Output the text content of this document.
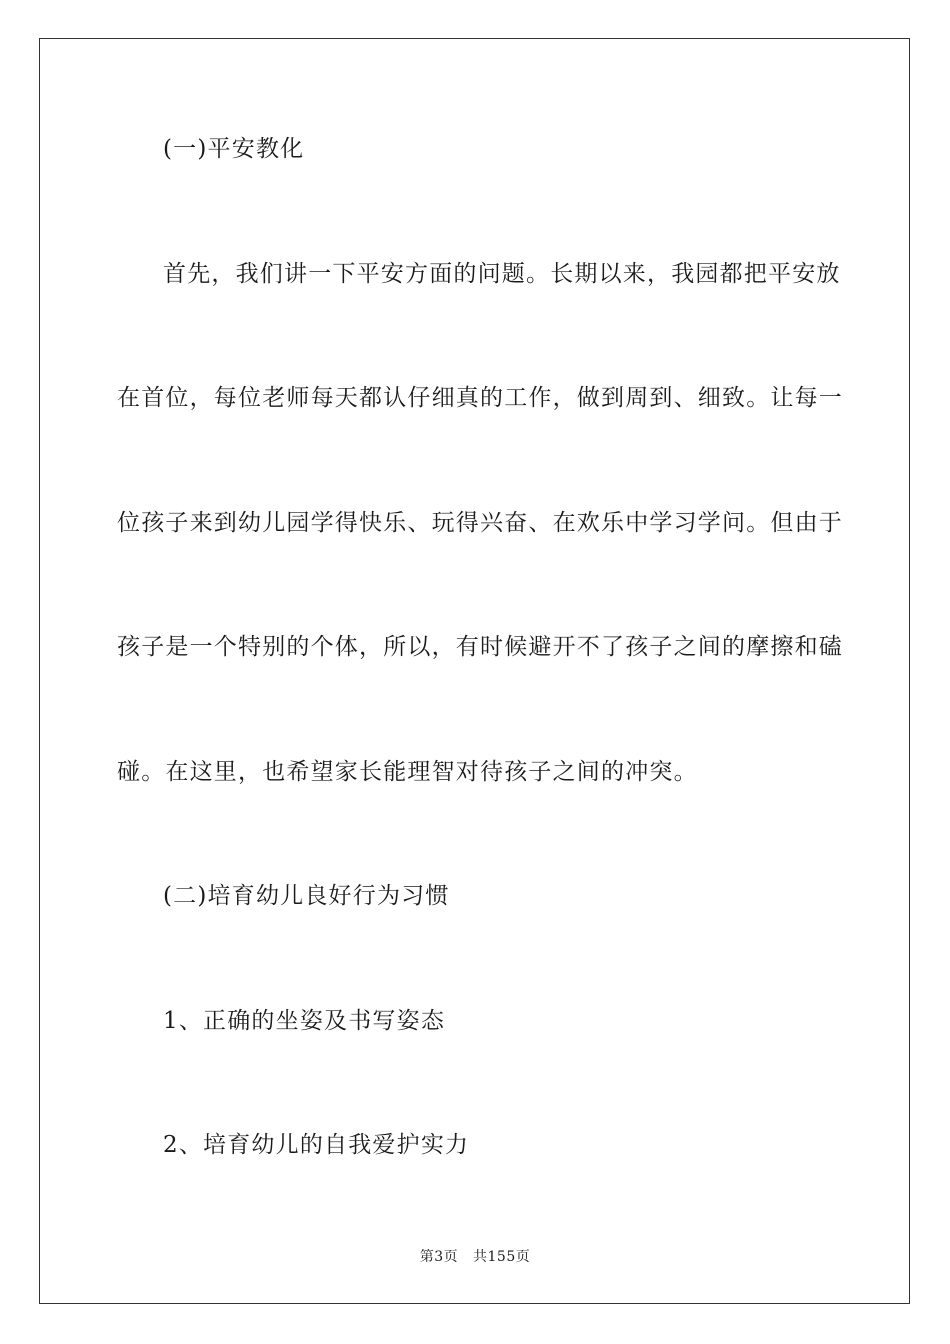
(一)平安教化
首先，我们讲一下平安方面的问题。长期以来，我园都把平安放
在首位，每位老师每天都认仔细真的工作，做到周到、细致。让每一
位孩子来到幼儿园学得快乐、玩得兴奋、在欢乐中学习学问。但由于
孩子是一个特别的个体，所以，有时候避开不了孩子之间的摩擦和磕
碰。在这里，也希望家长能理智对待孩子之间的冲突。
(二)培育幼儿良好行为习惯
1、正确的坐姿及书写姿态
2、培育幼儿的自我爱护实力
第3页 共155页
